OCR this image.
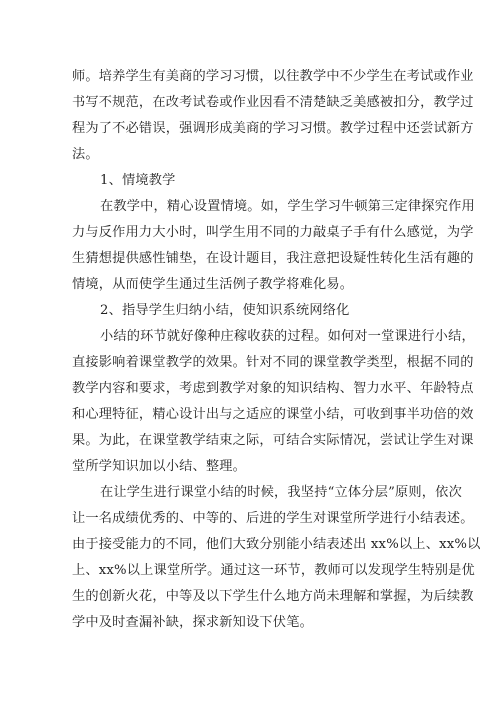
师。培养学生有美商的学习习惯，以往教学中不少学生在考试或作业
书写不规范，在改考试卷或作业因看不清楚缺乏美感被扣分，教学过
程为了不必错误，强调形成美商的学习习惯。教学过程中还尝试新方
法。
1、情境教学
在教学中，精心设置情境。如，学生学习牛顿第三定律探究作用
力与反作用力大小时，叫学生用不同的力敲桌子手有什么感觉，为学
生猜想提供感性铺垫，在设计题目，我注意把设疑性转化生活有趣的
情境，从而使学生通过生活例子教学将难化易。
2、指导学生归纳小结，使知识系统网络化
小结的环节就好像种庄稼收获的过程。如何对一堂课进行小结，
直接影响着课堂教学的效果。针对不同的课堂教学类型，根据不同的
教学内容和要求，考虑到教学对象的知识结构、智力水平、年龄特点
和心理特征，精心设计出与之适应的课堂小结，可收到事半功倍的效
果。为此，在课堂教学结束之际，可结合实际情况，尝试让学生对课
堂所学知识加以小结、整理。
在让学生进行课堂小结的时候，我坚持“立体分层”原则，依次
让一名成绩优秀的、中等的、后进的学生对课堂所学进行小结表述。
由于接受能力的不同，他们大致分别能小结表述出 xx%以上、xx%以
上、xx%以上课堂所学。通过这一环节，教师可以发现学生特别是优
生的创新火花，中等及以下学生什么地方尚未理解和掌握，为后续教
学中及时查漏补缺，探求新知设下伏笔。
